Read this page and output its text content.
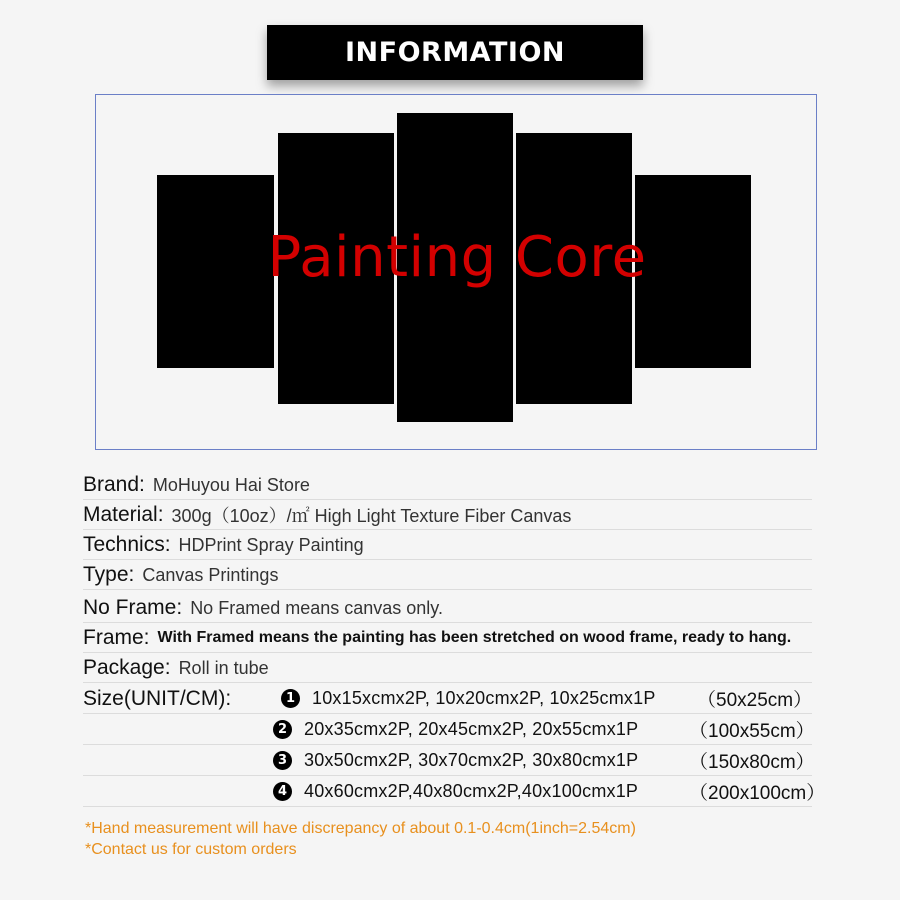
INFORMATION
Painting Core
Brand: MoHuyou Hai Store
Material: 300g（10oz）/㎡ High Light Texture Fiber Canvas
Technics: HDPrint Spray Painting
Type: Canvas Printings
No Frame: No Framed means canvas only.
Frame: With Framed means the painting has been stretched on wood frame, ready to hang.
Package: Roll in tube
Size(UNIT/CM):	1 10x15xcmx2P, 10x20cmx2P, 10x25cmx1P	（50x25cm）
2 20x35cmx2P, 20x45cmx2P, 20x55cmx1P	（100x55cm）
3 30x50cmx2P, 30x70cmx2P, 30x80cmx1P	（150x80cm）
4 40x60cmx2P,40x80cmx2P,40x100cmx1P	（200x100cm）
*Hand measurement will have discrepancy of about 0.1-0.4cm(1inch=2.54cm)
*Contact us for custom orders
